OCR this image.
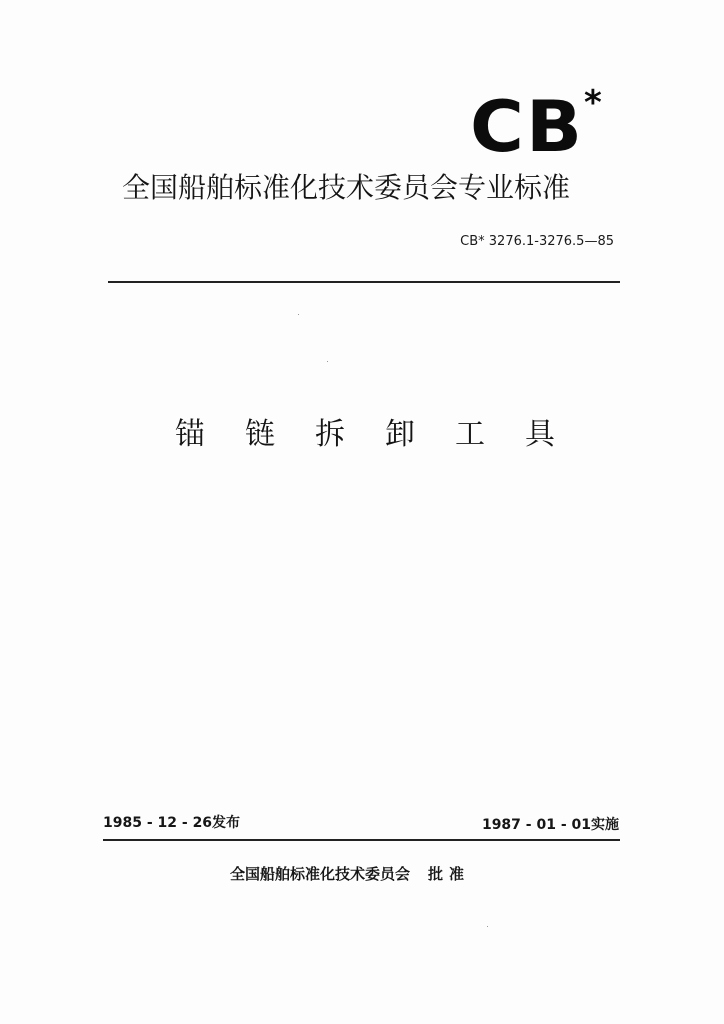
CB *
全国船舶标准化技术委员会专业标准
CB* 3276.1-3276.5—85
锚 链 拆 卸 工 具
1985 - 12 - 26发布	1987 - 01 - 01实施
全国船舶标准化技术委员会 批准
